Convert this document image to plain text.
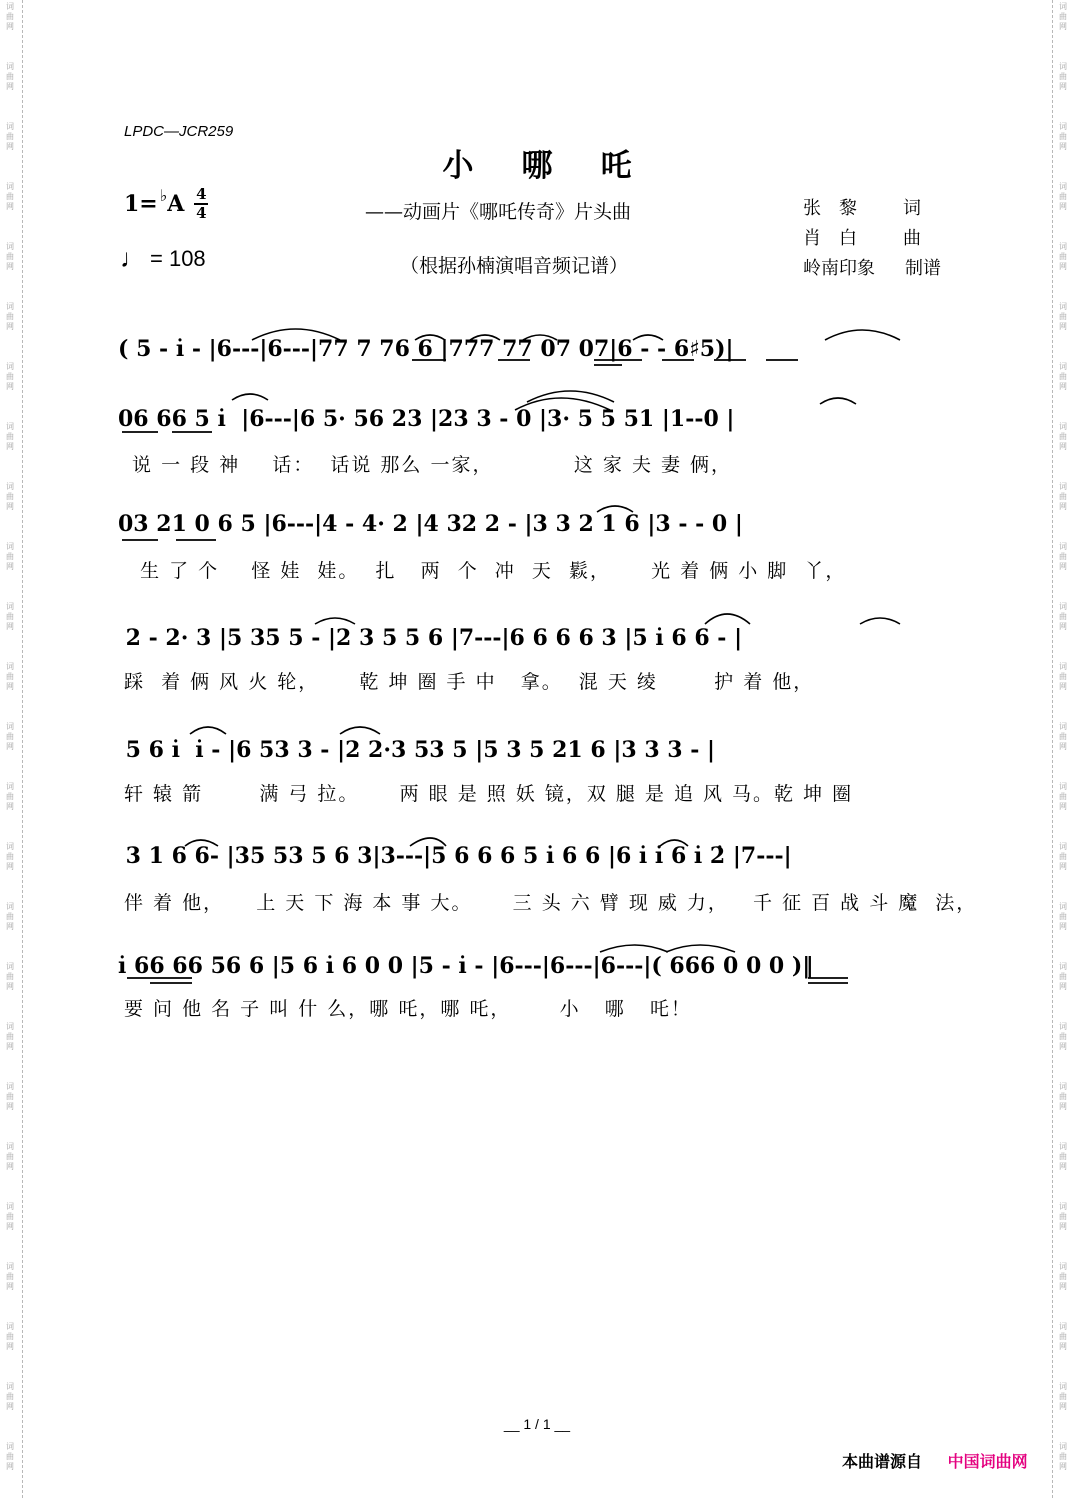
词
曲
网
词
曲
网
词
曲
网
词
曲
网
词
曲
网
词
曲
网
词
曲
网
词
曲
网
词
曲
网
词
曲
网
词
曲
网
词
曲
网
词
曲
网
词
曲
网
词
曲
网
词
曲
网
词
曲
网
词
曲
网
词
曲
网
词
曲
网
词
曲
网
词
曲
网
词
曲
网
词
曲
网
词
曲
网
词
曲
网
词
曲
网
词
曲
网
词
曲
网
词
曲
网
词
曲
网
词
曲
网
词
曲
网
词
曲
网
词
曲
网
词
曲
网
词
曲
网
词
曲
网
词
曲
网
词
曲
网
词
曲
网
词
曲
网
词
曲
网
词
曲
网
词
曲
网
词
曲
网
词
曲
网
词
曲
网
词
曲
网
词
曲
网
LPDC—JCR259
小哪吒
——动画片《哪吒传奇》片头曲
（根据孙楠演唱音频记谱）
1= ♭ A 4
4
♩ = 108
张　黎	词
肖　白	曲
岭南印象	制谱
( 5 - i̇ - |6---|6---|77 7 76 6 |777 77 07 07|6 - - 6♯5)|
06 66 5 i̇  |6---|6 5· 56 23 |23 3 - 0 |3· 5 5 51 |1--0 |
说 一 段 神    话：  话说 那么 一家，          这 家 夫 妻 俩，
03 21 0 6 5 |6---|4 - 4· 2 |4 32 2 - |3 3 2 1 6 |3 - - 0 |
生 了 个    怪 娃  娃。  扎   两  个  冲  天  鬏，     光 着 俩 小 脚  丫，
2 - 2· 3 |5 35 5 - |2 3 5 5 6 |7---|6 6 6 6 3 |5 i̇ 6 6 - |
踩  着 俩 风 火 轮，     乾 坤 圈 手 中   拿。  混 天 绫       护 着 他，
5 6 i̇  i̇ - |6 53 3 - |2 2·3 53 5 |5 3 5 21 6 |3 3 3 - |
轩 辕 箭       满 弓 拉。     两 眼 是 照 妖 镜，双 腿 是 追 风 马。乾 坤 圈
3 1 6 6- |35 53 5 6 3|3---|5 6 6 6 5 i̇ 6 6 |6 i̇ i̇ 6 i̇ 2̇ |7---|
伴 着 他，    上 天 下 海 本 事 大。     三 头 六 臂 现 威 力，   千 征 百 战 斗 魔  法，
i̇ 66 66 56 6 |5 6 i̇ 6 0 0 |5 - i̇ - |6---|6---|6---|( 666 0 0 0 )‖
要 问 他 名 子 叫 什 么，哪 吒，哪 吒，      小   哪   吒！
__ 1 / 1 __
本曲谱源自 中国词曲网
